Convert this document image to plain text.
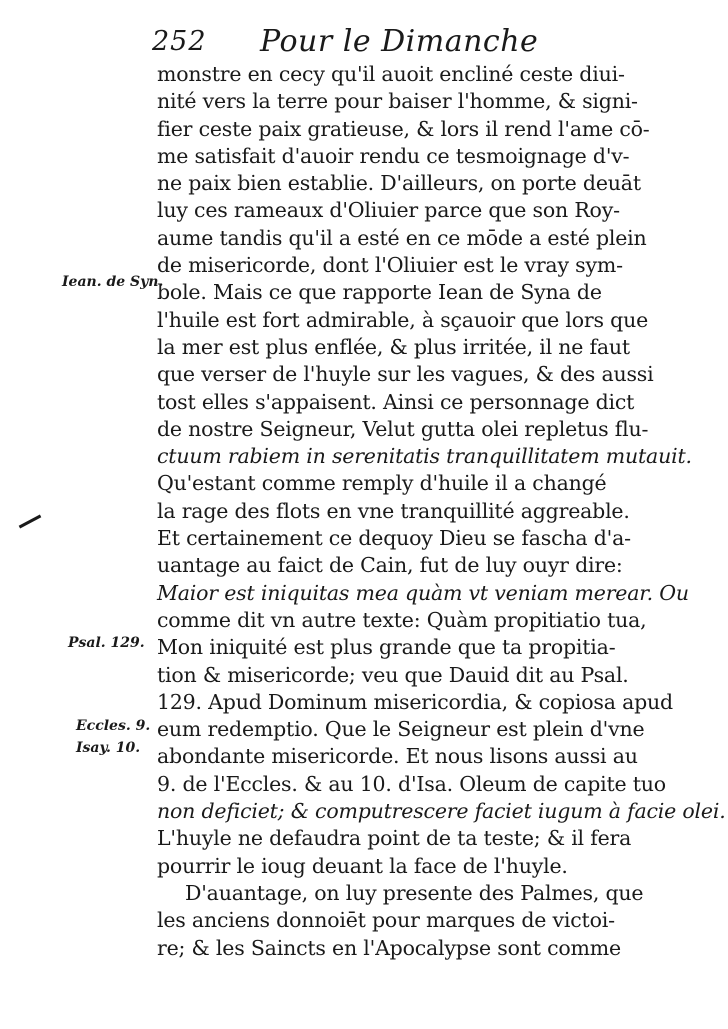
252 Pour le Dimanche
Iean. de Syn.
Psal. 129.
Eccles. 9.
Isay. 10.
monstre en cecy qu'il auoit encliné ceste diui-
nité vers la terre pour baiser l'homme, & signi-
fier ceste paix gratieuse, & lors il rend l'ame cō-
me satisfait d'auoir rendu ce tesmoignage d'v-
ne paix bien establie. D'ailleurs, on porte deuāt
luy ces rameaux d'Oliuier parce que son Roy-
aume tandis qu'il a esté en ce mōde a esté plein
de misericorde, dont l'Oliuier est le vray sym-
bole. Mais ce que rapporte Iean de Syna de
l'huile est fort admirable, à sçauoir que lors que
la mer est plus enflée, & plus irritée, il ne faut
que verser de l'huyle sur les vagues, & des aussi
tost elles s'appaisent. Ainsi ce personnage dict
de nostre Seigneur, Velut gutta olei repletus flu-
ctuum rabiem in serenitatis tranquillitatem mutauit.
Qu'estant comme remply d'huile il a changé
la rage des flots en vne tranquillité aggreable.
Et certainement ce dequoy Dieu se fascha d'a-
uantage au faict de Cain, fut de luy ouyr dire:
Maior est iniquitas mea quàm vt veniam merear. Ou
comme dit vn autre texte: Quàm propitiatio tua,
Mon iniquité est plus grande que ta propitia-
tion & misericorde; veu que Dauid dit au Psal.
129. Apud Dominum misericordia, & copiosa apud
eum redemptio. Que le Seigneur est plein d'vne
abondante misericorde. Et nous lisons aussi au
9. de l'Eccles. & au 10. d'Isa. Oleum de capite tuo
non deficiet; & computrescere faciet iugum à facie olei.
L'huyle ne defaudra point de ta teste; & il fera
pourrir le ioug deuant la face de l'huyle.
D'auantage, on luy presente des Palmes, que
les anciens donnoiēt pour marques de victoi-
re; & les Saincts en l'Apocalypse sont comme
